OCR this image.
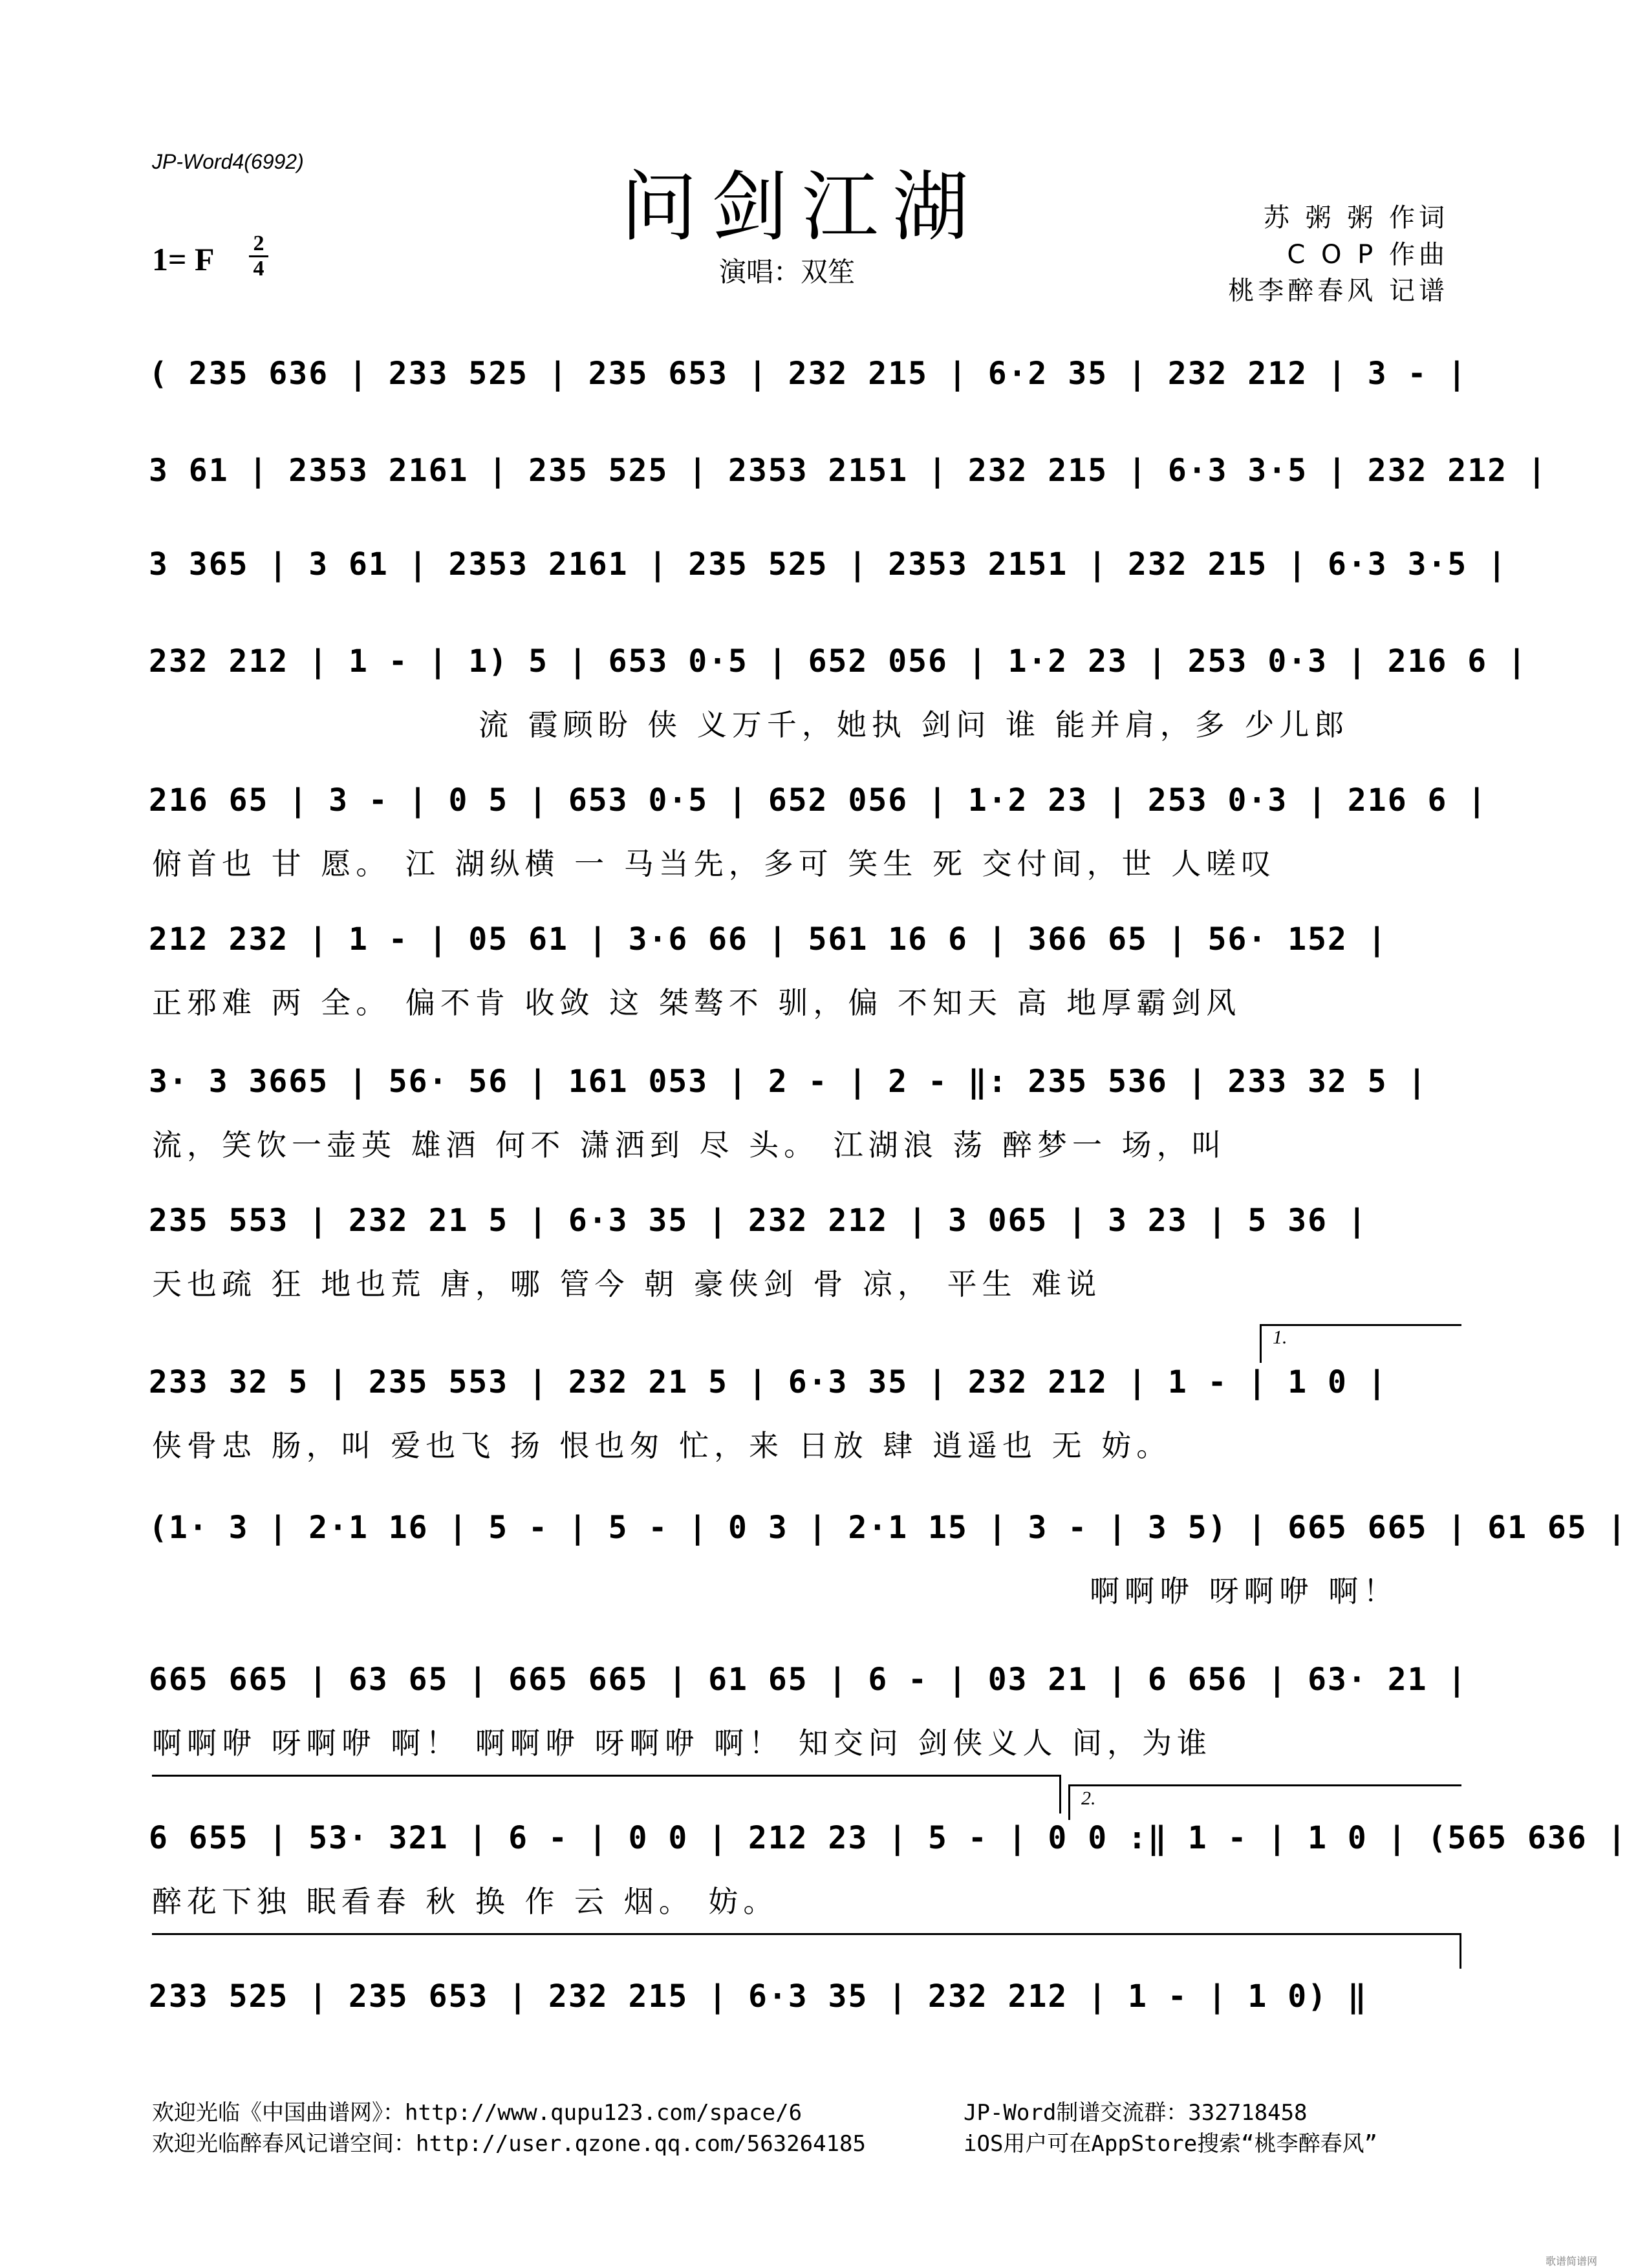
JP-Word4(6992)
问剑江湖
1= F 2
4	演唱：双笙
苏 粥 粥 作词
C O P 作曲
桃李醉春风 记谱
( 235 636 | 233 525 | 235 653 | 232 215 | 6·2 35 | 232 212 | 3 - |
3 61 | 2353 2161 | 235 525 | 2353 2151 | 232 215 | 6·3 3·5 | 232 212 |
3 365 | 3 61 | 2353 2161 | 235 525 | 2353 2151 | 232 215 | 6·3 3·5 |
232 212 | 1 - | 1) 5 | 653 0·5 | 652 056 | 1·2 23 | 253 0·3 | 216 6 |
流 霞顾盼 侠 义万千，她执 剑问 谁 能并肩，多 少儿郎
216 65 | 3 - | 0 5 | 653 0·5 | 652 056 | 1·2 23 | 253 0·3 | 216 6 |
俯首也 甘 愿。 江 湖纵横 一 马当先，多可 笑生 死 交付间，世 人嗟叹
212 232 | 1 - | 05 61 | 3·6 66 | 561 16 6 | 366 65 | 56· 152 |
正邪难 两 全。 偏不肯 收敛 这 桀骜不 驯，偏 不知天 高 地厚霸剑风
3· 3 3665 | 56· 56 | 161 053 | 2 - | 2 - ‖: 235 536 | 233 32 5 |
流，笑饮一壶英 雄酒 何不 潇洒到 尽 头。 江湖浪 荡 醉梦一 场，叫
235 553 | 232 21 5 | 6·3 35 | 232 212 | 3 065 | 3 23 | 5 36 |
天也疏 狂 地也荒 唐，哪 管今 朝 豪侠剑 骨 凉， 平生 难说
1.
233 32 5 | 235 553 | 232 21 5 | 6·3 35 | 232 212 | 1 - | 1 0 |
侠骨忠 肠，叫 爱也飞 扬 恨也匆 忙，来 日放 肆 逍遥也 无 妨。
(1· 3 | 2·1 16 | 5 - | 5 - | 0 3 | 2·1 15 | 3 - | 3 5) | 665 665 | 61 65 |
啊啊咿 呀啊咿 啊！
665 665 | 63 65 | 665 665 | 61 65 | 6 - | 03 21 | 6 656 | 63· 21 |
啊啊咿 呀啊咿 啊！ 啊啊咿 呀啊咿 啊！ 知交问 剑侠义人 间，为谁
2.
6 655 | 53· 321 | 6 - | 0 0 | 212 23 | 5 - | 0 0 :‖ 1 - | 1 0 | (565 636 |
醉花下独 眠看春 秋 换 作 云 烟。 妨。
233 525 | 235 653 | 232 215 | 6·3 35 | 232 212 | 1 - | 1 0) ‖
欢迎光临《中国曲谱网》：http://www.qupu123.com/space/6	JP-Word制谱交流群：332718458
欢迎光临醉春风记谱空间：http://user.qzone.qq.com/563264185	iOS用户可在AppStore搜索“桃李醉春风”
歌谱简谱网
